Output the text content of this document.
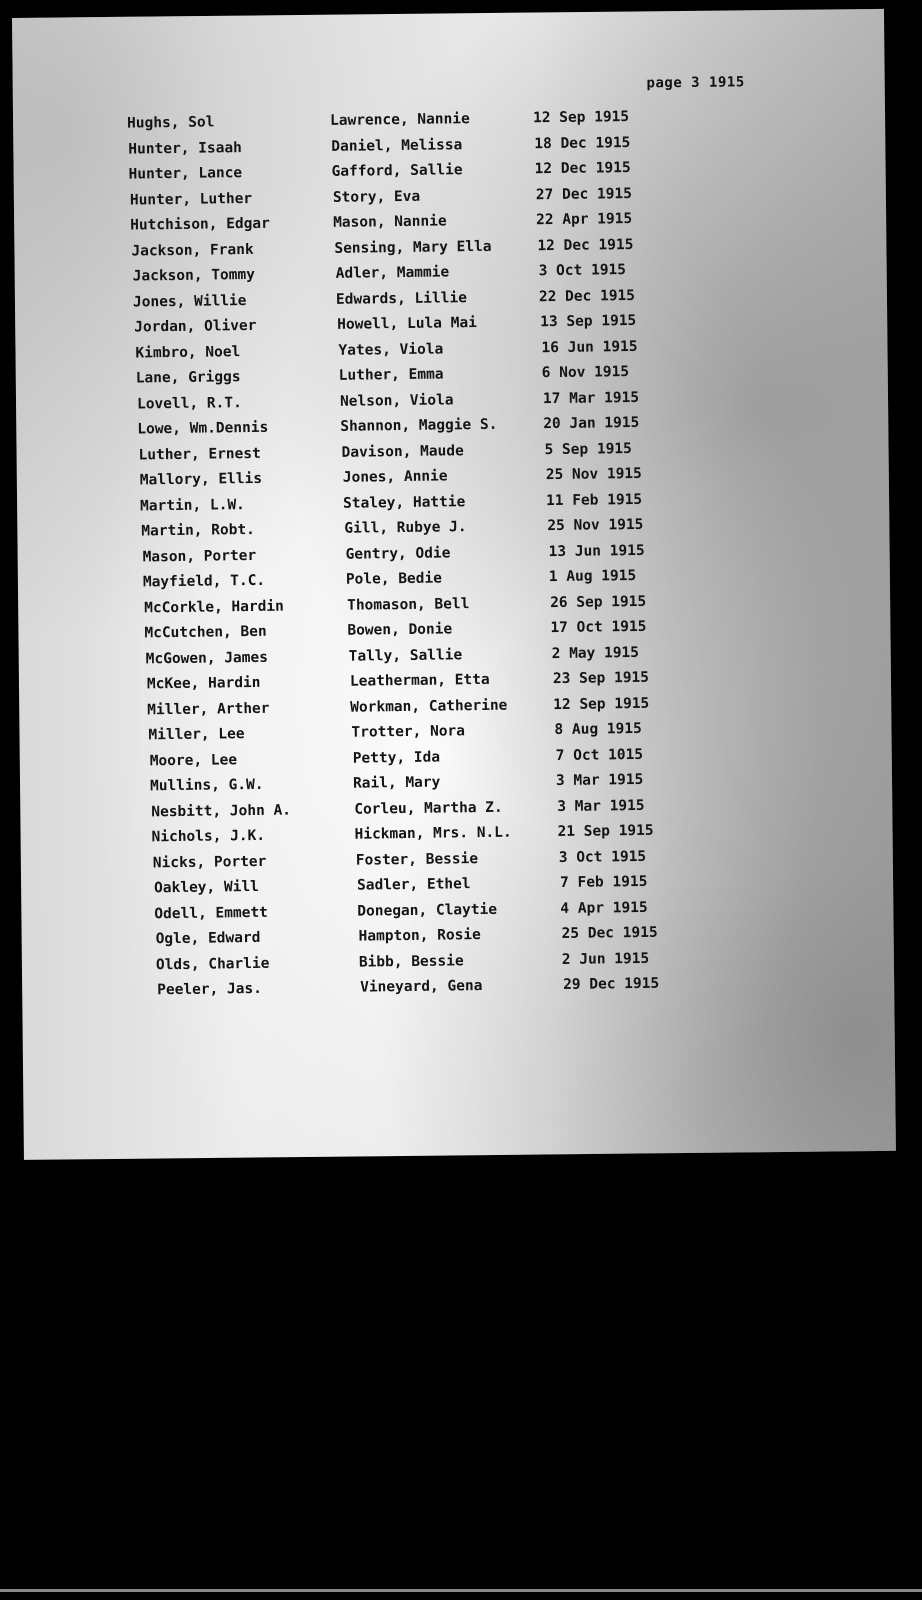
page 3 1915
Hughs, Sol	Lawrence, Nannie	12 Sep 1915
Hunter, Isaah	Daniel, Melissa	18 Dec 1915
Hunter, Lance	Gafford, Sallie	12 Dec 1915
Hunter, Luther	Story, Eva	27 Dec 1915
Hutchison, Edgar	Mason, Nannie	22 Apr 1915
Jackson, Frank	Sensing, Mary Ella	12 Dec 1915
Jackson, Tommy	Adler, Mammie	3 Oct 1915
Jones, Willie	Edwards, Lillie	22 Dec 1915
Jordan, Oliver	Howell, Lula Mai	13 Sep 1915
Kimbro, Noel	Yates, Viola	16 Jun 1915
Lane, Griggs	Luther, Emma	6 Nov 1915
Lovell, R.T.	Nelson, Viola	17 Mar 1915
Lowe, Wm.Dennis	Shannon, Maggie S.	20 Jan 1915
Luther, Ernest	Davison, Maude	5 Sep 1915
Mallory, Ellis	Jones, Annie	25 Nov 1915
Martin, L.W.	Staley, Hattie	11 Feb 1915
Martin, Robt.	Gill, Rubye J.	25 Nov 1915
Mason, Porter	Gentry, Odie	13 Jun 1915
Mayfield, T.C.	Pole, Bedie	1 Aug 1915
McCorkle, Hardin	Thomason, Bell	26 Sep 1915
McCutchen, Ben	Bowen, Donie	17 Oct 1915
McGowen, James	Tally, Sallie	2 May 1915
McKee, Hardin	Leatherman, Etta	23 Sep 1915
Miller, Arther	Workman, Catherine	12 Sep 1915
Miller, Lee	Trotter, Nora	8 Aug 1915
Moore, Lee	Petty, Ida	7 Oct 1015
Mullins, G.W.	Rail, Mary	3 Mar 1915
Nesbitt, John A.	Corleu, Martha Z.	3 Mar 1915
Nichols, J.K.	Hickman, Mrs. N.L.	21 Sep 1915
Nicks, Porter	Foster, Bessie	3 Oct 1915
Oakley, Will	Sadler, Ethel	7 Feb 1915
Odell, Emmett	Donegan, Claytie	4 Apr 1915
Ogle, Edward	Hampton, Rosie	25 Dec 1915
Olds, Charlie	Bibb, Bessie	2 Jun 1915
Peeler, Jas.	Vineyard, Gena	29 Dec 1915
